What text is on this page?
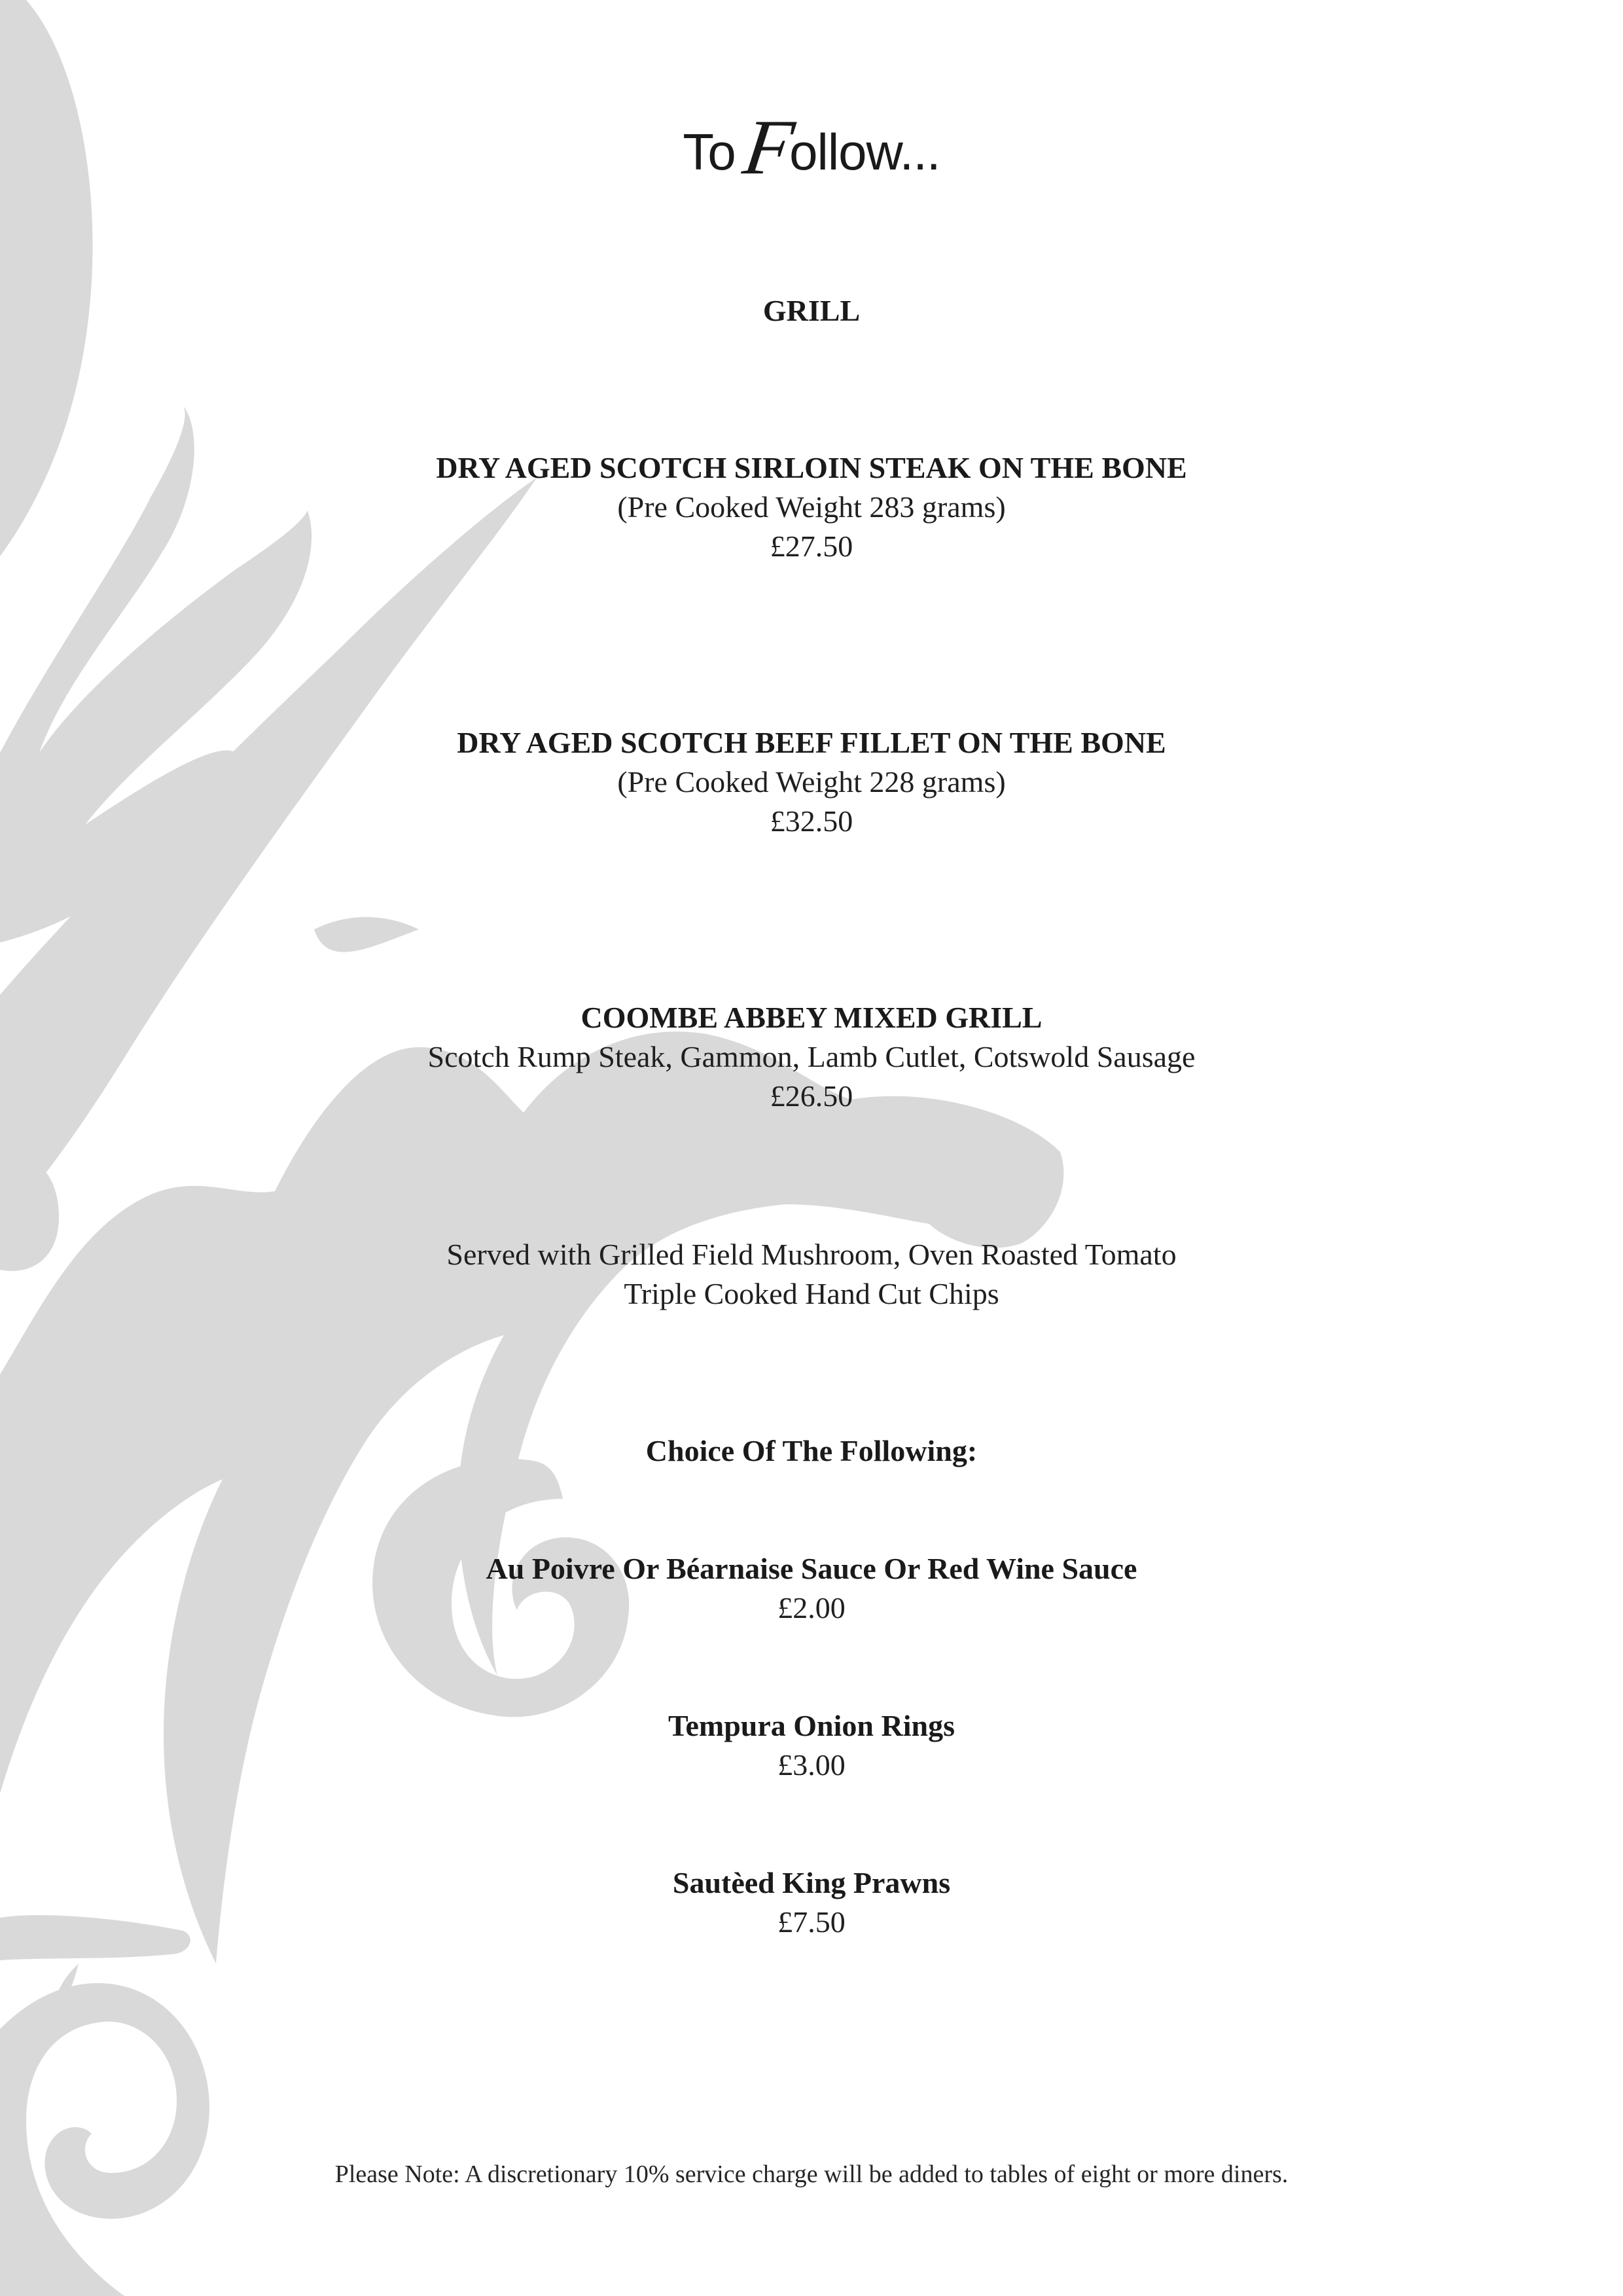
ToFollow...
GRILL
DRY AGED SCOTCH SIRLOIN STEAK ON THE BONE
(Pre Cooked Weight 283 grams)
£27.50
DRY AGED SCOTCH BEEF FILLET ON THE BONE
(Pre Cooked Weight 228 grams)
£32.50
COOMBE ABBEY MIXED GRILL
Scotch Rump Steak, Gammon, Lamb Cutlet, Cotswold Sausage
£26.50
Served with Grilled Field Mushroom, Oven Roasted Tomato
Triple Cooked Hand Cut Chips
Choice Of The Following:
Au Poivre Or Béarnaise Sauce Or Red Wine Sauce
£2.00
Tempura Onion Rings
£3.00
Sautèed King Prawns
£7.50
Please Note: A discretionary 10% service charge will be added to tables of eight or more diners.
